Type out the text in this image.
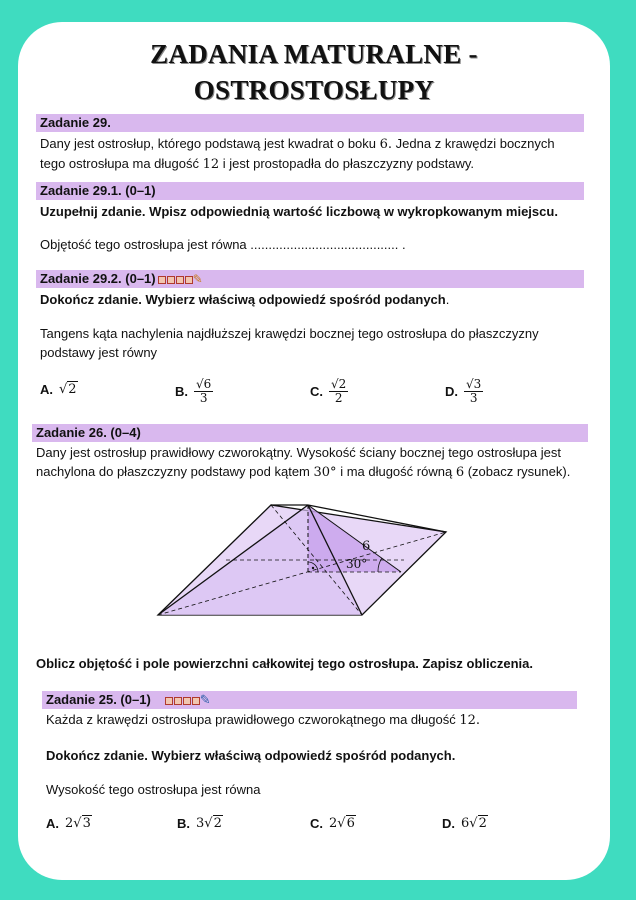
ZADANIA MATURALNE -
OSTROSTOSŁUPY
Zadanie 29.
Dany jest ostrosłup, którego podstawą jest kwadrat o boku 6. Jedna z krawędzi bocznych
tego ostrosłupa ma długość 12 i jest prostopadła do płaszczyzny podstawy.
Zadanie 29.1. (0–1)
Uzupełnij zdanie. Wpisz odpowiednią wartość liczbową w wykropkowanym miejscu.
Objętość tego ostrosłupa jest równa ......................................... .
Zadanie 29.2. (0–1)	✎
Dokończ zdanie. Wybierz właściwą odpowiedź spośród podanych.
Tangens kąta nachylenia najdłuższej krawędzi bocznej tego ostrosłupa do płaszczyzny
podstawy jest równy
A. √2	B. $\frac{√6}{3}$	C. $\frac{√2}{2}$	D. $\frac{√3}{3}$
Zadanie 26. (0–4)
Dany jest ostrosłup prawidłowy czworokątny. Wysokość ściany bocznej tego ostrosłupa jest
nachylona do płaszczyzny podstawy pod kątem 30° i ma długość równą 6 (zobacz rysunek).
6
30°
Oblicz objętość i pole powierzchni całkowitej tego ostrosłupa. Zapisz obliczenia.
Zadanie 25. (0–1)	✎
Każda z krawędzi ostrosłupa prawidłowego czworokątnego ma długość 12.
Dokończ zdanie. Wybierz właściwą odpowiedź spośród podanych.
Wysokość tego ostrosłupa jest równa
A. 2√3	B. 3√2	C. 2√6	D. 6√2
